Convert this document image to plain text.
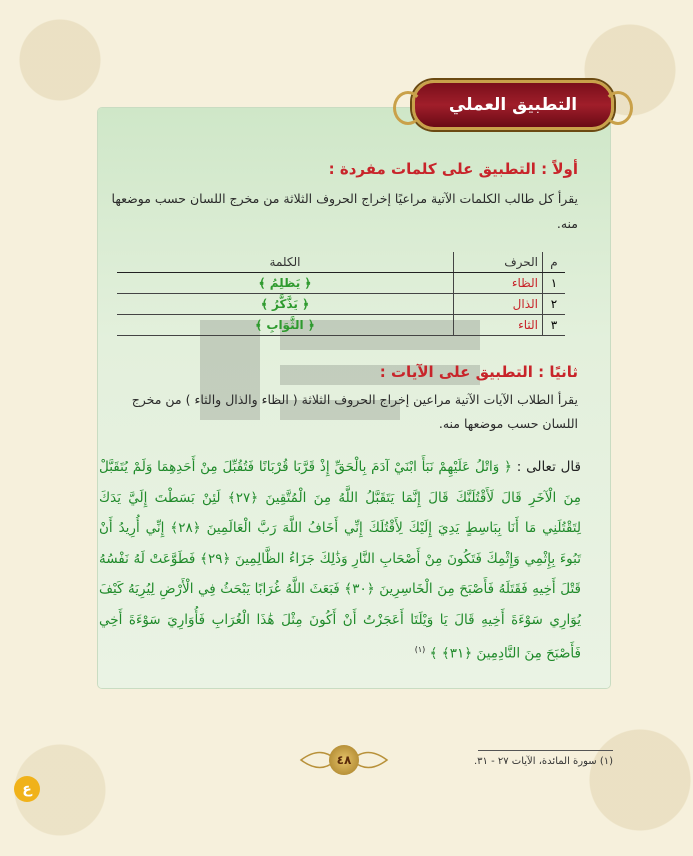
التطبيق العملي
أولاً : التطبيق على كلمات مفردة :
يقرأ كل طالب الكلمات الآتية مراعيًا إخراج الحروف الثلاثة من مخرج اللسان حسب موضعها منه.
م	الحرف	الكلمة
١	الظاء	﴿ يَظلِمُ ﴾
٢	الذال	﴿ يَذَّكَّرُ ﴾
٣	الثاء	﴿ الثَّوَابِ ﴾
ثانيًا : التطبيق على الآيات :
يقرأ الطلاب الآيات الآتية مراعين إخراج الحروف الثلاثة ( الظاء والذال والثاء ) من مخرج اللسان حسب موضعها منه.
قال تعالى : ﴿ وَاتْلُ عَلَيْهِمْ نَبَأَ ابْنَيْ آدَمَ بِالْحَقِّ إِذْ قَرَّبَا قُرْبَانًا فَتُقُبِّلَ مِنْ أَحَدِهِمَا وَلَمْ يُتَقَبَّلْ مِنَ الْآخَرِ قَالَ لَأَقْتُلَنَّكَ قَالَ إِنَّمَا يَتَقَبَّلُ اللَّهُ مِنَ الْمُتَّقِينَ ﴿٢٧﴾ لَئِنْ بَسَطْتَ إِلَيَّ يَدَكَ لِتَقْتُلَنِي مَا أَنَا بِبَاسِطٍ يَدِيَ إِلَيْكَ لِأَقْتُلَكَ إِنِّي أَخَافُ اللَّهَ رَبَّ الْعَالَمِينَ ﴿٢٨﴾ إِنِّي أُرِيدُ أَنْ تَبُوءَ بِإِثْمِي وَإِثْمِكَ فَتَكُونَ مِنْ أَصْحَابِ النَّارِ وَذَٰلِكَ جَزَاءُ الظَّالِمِينَ ﴿٢٩﴾ فَطَوَّعَتْ لَهُ نَفْسُهُ قَتْلَ أَخِيهِ فَقَتَلَهُ فَأَصْبَحَ مِنَ الْخَاسِرِينَ ﴿٣٠﴾ فَبَعَثَ اللَّهُ غُرَابًا يَبْحَثُ فِي الْأَرْضِ لِيُرِيَهُ كَيْفَ يُوَارِي سَوْءَةَ أَخِيهِ قَالَ يَا وَيْلَتَا أَعَجَزْتُ أَنْ أَكُونَ مِثْلَ هَٰذَا الْغُرَابِ فَأُوَارِيَ سَوْءَةَ أَخِي فَأَصْبَحَ مِنَ النَّادِمِينَ ﴿٣١﴾ ﴾ $^{(١)}$
(١) سورة المائدة، الآيات ٢٧ - ٣١.
٤٨
ع
